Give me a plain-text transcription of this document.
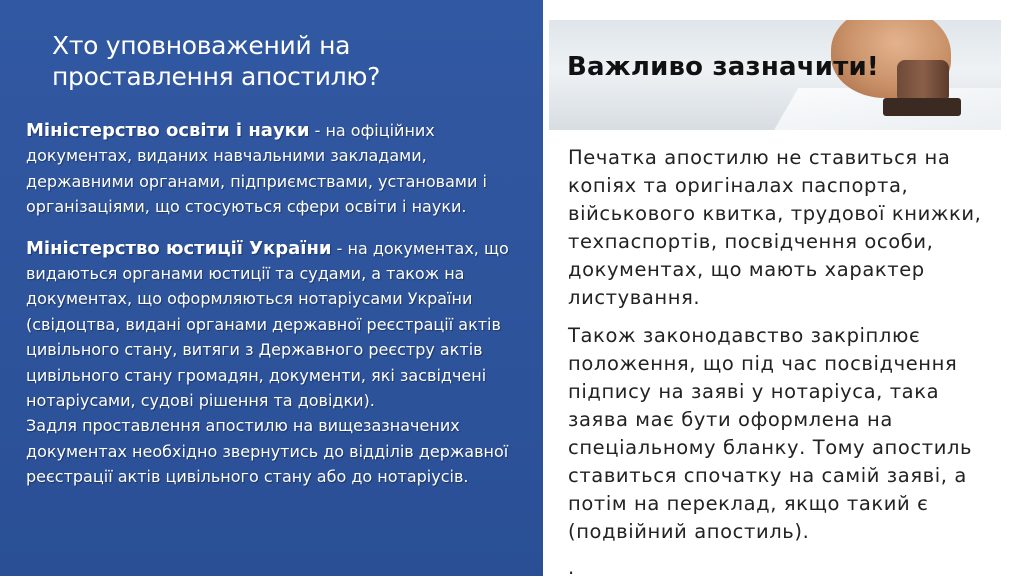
Хто уповноважений на проставлення апостилю?

Міністерство освіти і науки - на офіційних документах, виданих навчальними закладами, державними органами, підприємствами, установами і організаціями, що стосуються сфери освіти і науки.

Міністерство юстиції України - на документах, що видаються органами юстиції та судами, а також на документах, що оформляються нотаріусами України (свідоцтва, видані органами державної реєстрації актів цивільного стану, витяги з Державного реєстру актів цивільного стану громадян, документи, які засвідчені нотаріусами, судові рішення та довідки).

Задля проставлення апостилю на вищезазначених документах необхідно звернутись до відділів державної реєстрації актів цивільного стану або до нотаріусів.

Важливо зазначити!

Печатка апостилю не ставиться на копіях та оригіналах паспорта, військового квитка, трудової книжки, техпаспортів, посвідчення особи, документах, що мають характер листування.

Також законодавство закріплює положення, що під час посвідчення підпису на заяві у нотаріуса, така заява має бути оформлена на спеціальному бланку. Тому апостиль ставиться спочатку на самій заяві, а потім на переклад, якщо такий є (подвійний апостиль).

.
